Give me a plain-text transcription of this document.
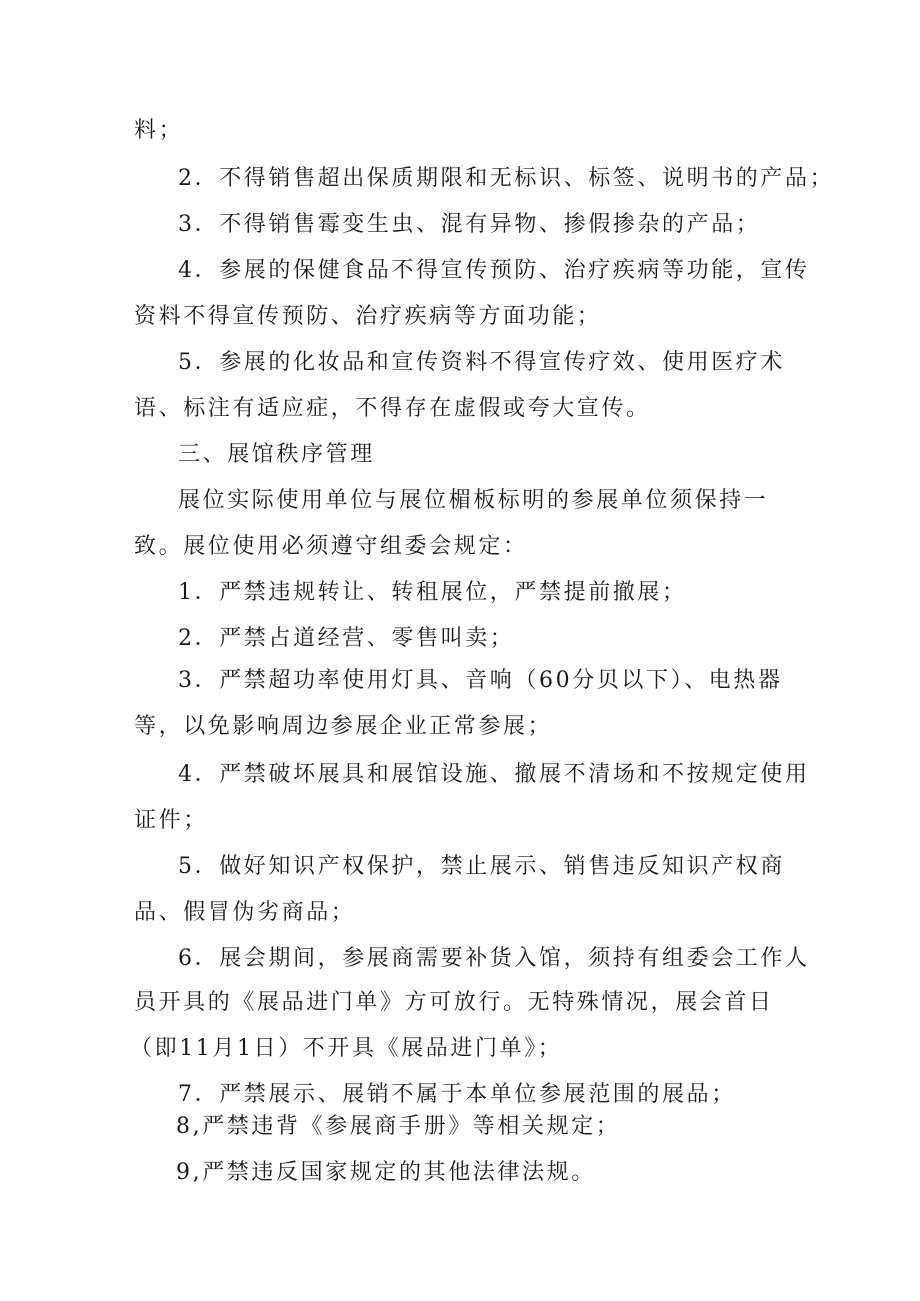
料；

2．不得销售超出保质期限和无标识、标签、说明书的产品；

3．不得销售霉变生虫、混有异物、掺假掺杂的产品；

4．参展的保健食品不得宣传预防、治疗疾病等功能，宣传

资料不得宣传预防、治疗疾病等方面功能；

5．参展的化妆品和宣传资料不得宣传疗效、使用医疗术

语、标注有适应症，不得存在虚假或夸大宣传。

三、展馆秩序管理

展位实际使用单位与展位楣板标明的参展单位须保持一

致。展位使用必须遵守组委会规定：

1．严禁违规转让、转租展位，严禁提前撤展；

2．严禁占道经营、零售叫卖；

3．严禁超功率使用灯具、音响（60分贝以下）、电热器

等，以免影响周边参展企业正常参展；

4．严禁破坏展具和展馆设施、撤展不清场和不按规定使用

证件；

5．做好知识产权保护，禁止展示、销售违反知识产权商

品、假冒伪劣商品；

6．展会期间，参展商需要补货入馆，须持有组委会工作人

员开具的《展品进门单》方可放行。无特殊情况，展会首日

（即11月1日）不开具《展品进门单》；

7．严禁展示、展销不属于本单位参展范围的展品；

8,严禁违背《参展商手册》等相关规定；

9,严禁违反国家规定的其他法律法规。
